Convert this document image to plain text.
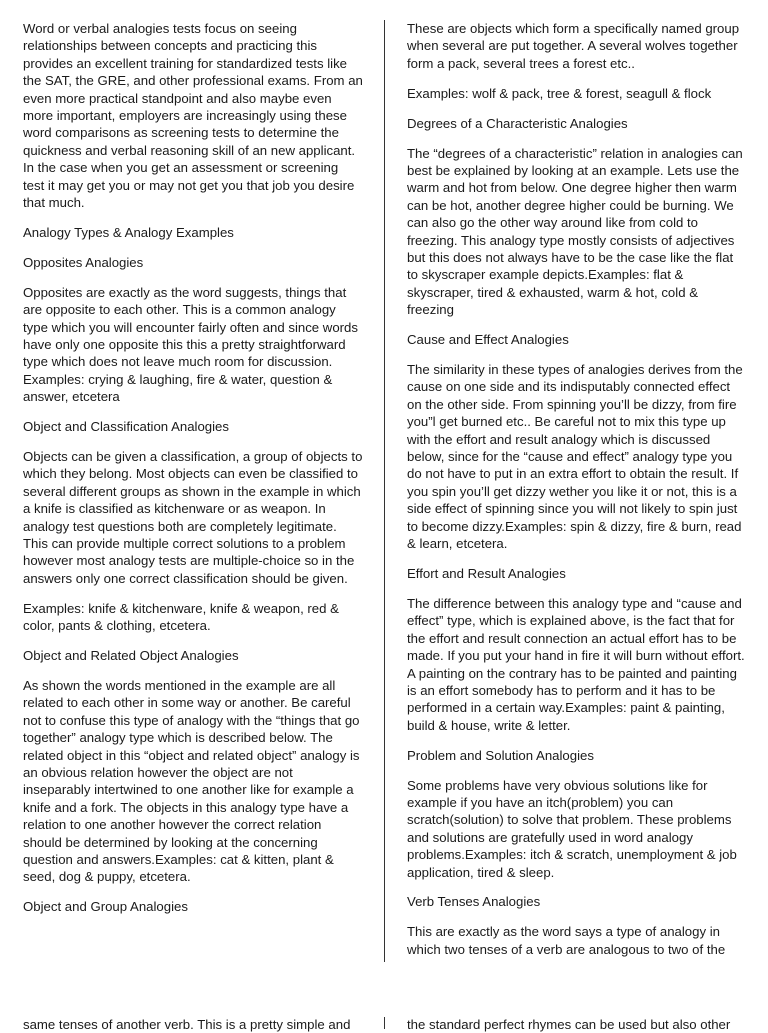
Word or verbal analogies tests focus on seeing relationships between concepts and practicing this provides an excellent training for standardized tests like the SAT, the GRE, and other professional exams. From an even more practical standpoint and also maybe even more important, employers are increasingly using these word comparisons as screening tests to determine the quickness and verbal reasoning skill of an new applicant. In the case when you get an assessment or screening test it may get you or may not get you that job you desire that much.

Analogy Types & Analogy Examples

Opposites Analogies

Opposites are exactly as the word suggests, things that are opposite to each other. This is a common analogy type which you will encounter fairly often and since words have only one opposite this this a pretty straightforward type which does not leave much room for discussion. Examples: crying & laughing, fire & water, question & answer, etcetera

Object and Classification Analogies

Objects can be given a classification, a group of objects to which they belong. Most objects can even be classified to several different groups as shown in the example in which a knife is classified as kitchenware or as weapon. In analogy test questions both are completely legitimate. This can provide multiple correct solutions to a problem however most analogy tests are multiple-choice so in the answers only one correct classification should be given.

Examples: knife & kitchenware, knife & weapon, red & color, pants & clothing, etcetera.

Object and Related Object Analogies

As shown the words mentioned in the example are all related to each other in some way or another. Be careful not to confuse this type of analogy with the “things that go together” analogy type which is described below. The related object in this “object and related object” analogy is an obvious relation however the object are not inseparably intertwined to one another like for example a knife and a fork. The objects in this analogy type have a relation to one another however the correct relation should be determined by looking at the concerning question and answers.Examples: cat & kitten, plant & seed, dog & puppy, etcetera.

Object and Group Analogies

These are objects which form a specifically named group when several are put together. A several wolves together form a pack, several trees a forest etc..

Examples: wolf & pack, tree & forest, seagull & flock

Degrees of a Characteristic Analogies

The “degrees of a characteristic” relation in analogies can best be explained by looking at an example. Lets use the warm and hot from below. One degree higher then warm can be hot, another degree higher could be burning. We can also go the other way around like from cold to freezing. This analogy type mostly consists of adjectives but this does not always have to be the case like the flat to skyscraper example depicts.Examples: flat & skyscraper, tired & exhausted, warm & hot, cold & freezing

Cause and Effect Analogies

The similarity in these types of analogies derives from the cause on one side and its indisputably connected effect on the other side. From spinning you’ll be dizzy, from fire you”l get burned etc.. Be careful not to mix this type up with the effort and result analogy which is discussed below, since for the “cause and effect” analogy type you do not have to put in an extra effort to obtain the result. If you spin you’ll get dizzy wether you like it or not, this is a side effect of spinning since you will not likely to spin just to become dizzy.Examples: spin & dizzy, fire & burn, read & learn, etcetera.

Effort and Result Analogies

The difference between this analogy type and “cause and effect” type, which is explained above, is the fact that for the effort and result connection an actual effort has to be made. If you put your hand in fire it will burn without effort. A painting on the contrary has to be painted and painting is an effort somebody has to perform and it has to be performed in a certain way.Examples: paint & painting, build & house, write & letter.

Problem and Solution Analogies

Some problems have very obvious solutions like for example if you have an itch(problem) you can scratch(solution) to solve that problem. These problems and solutions are gratefully used in word analogy problems.Examples: itch & scratch, unemployment & job application, tired & sleep.

Verb Tenses Analogies

This are exactly as the word says a type of analogy in which two tenses of a verb are analogous to two of the

same tenses of another verb. This is a pretty simple and	the standard perfect rhymes can be used but also other
